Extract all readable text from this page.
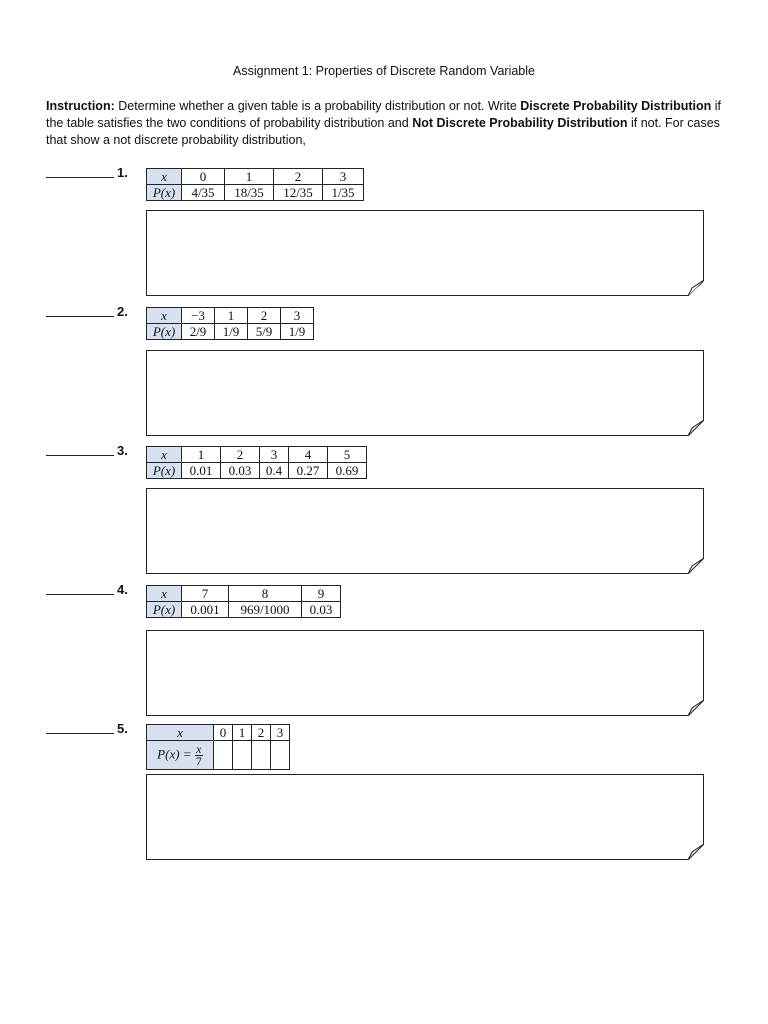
Assignment 1: Properties of Discrete Random Variable
Instruction: Determine whether a given table is a probability distribution or not. Write Discrete Probability Distribution if the table satisfies the two conditions of probability distribution and Not Discrete Probability Distribution if not. For cases that show a not discrete probability distribution,
1.	x	0	1	2	3
P(x)	4/35	18/35	12/35	1/35
2.	x	−3	1	2	3
P(x)	2/9	1/9	5/9	1/9
3.	x	1	2	3	4	5
P(x)	0.01	0.03	0.4	0.27	0.69
4.	x	7	8	9
P(x)	0.001	969/1000	0.03
5.	x	0	1	2	3
$P(x) = \frac{x}{7}$
